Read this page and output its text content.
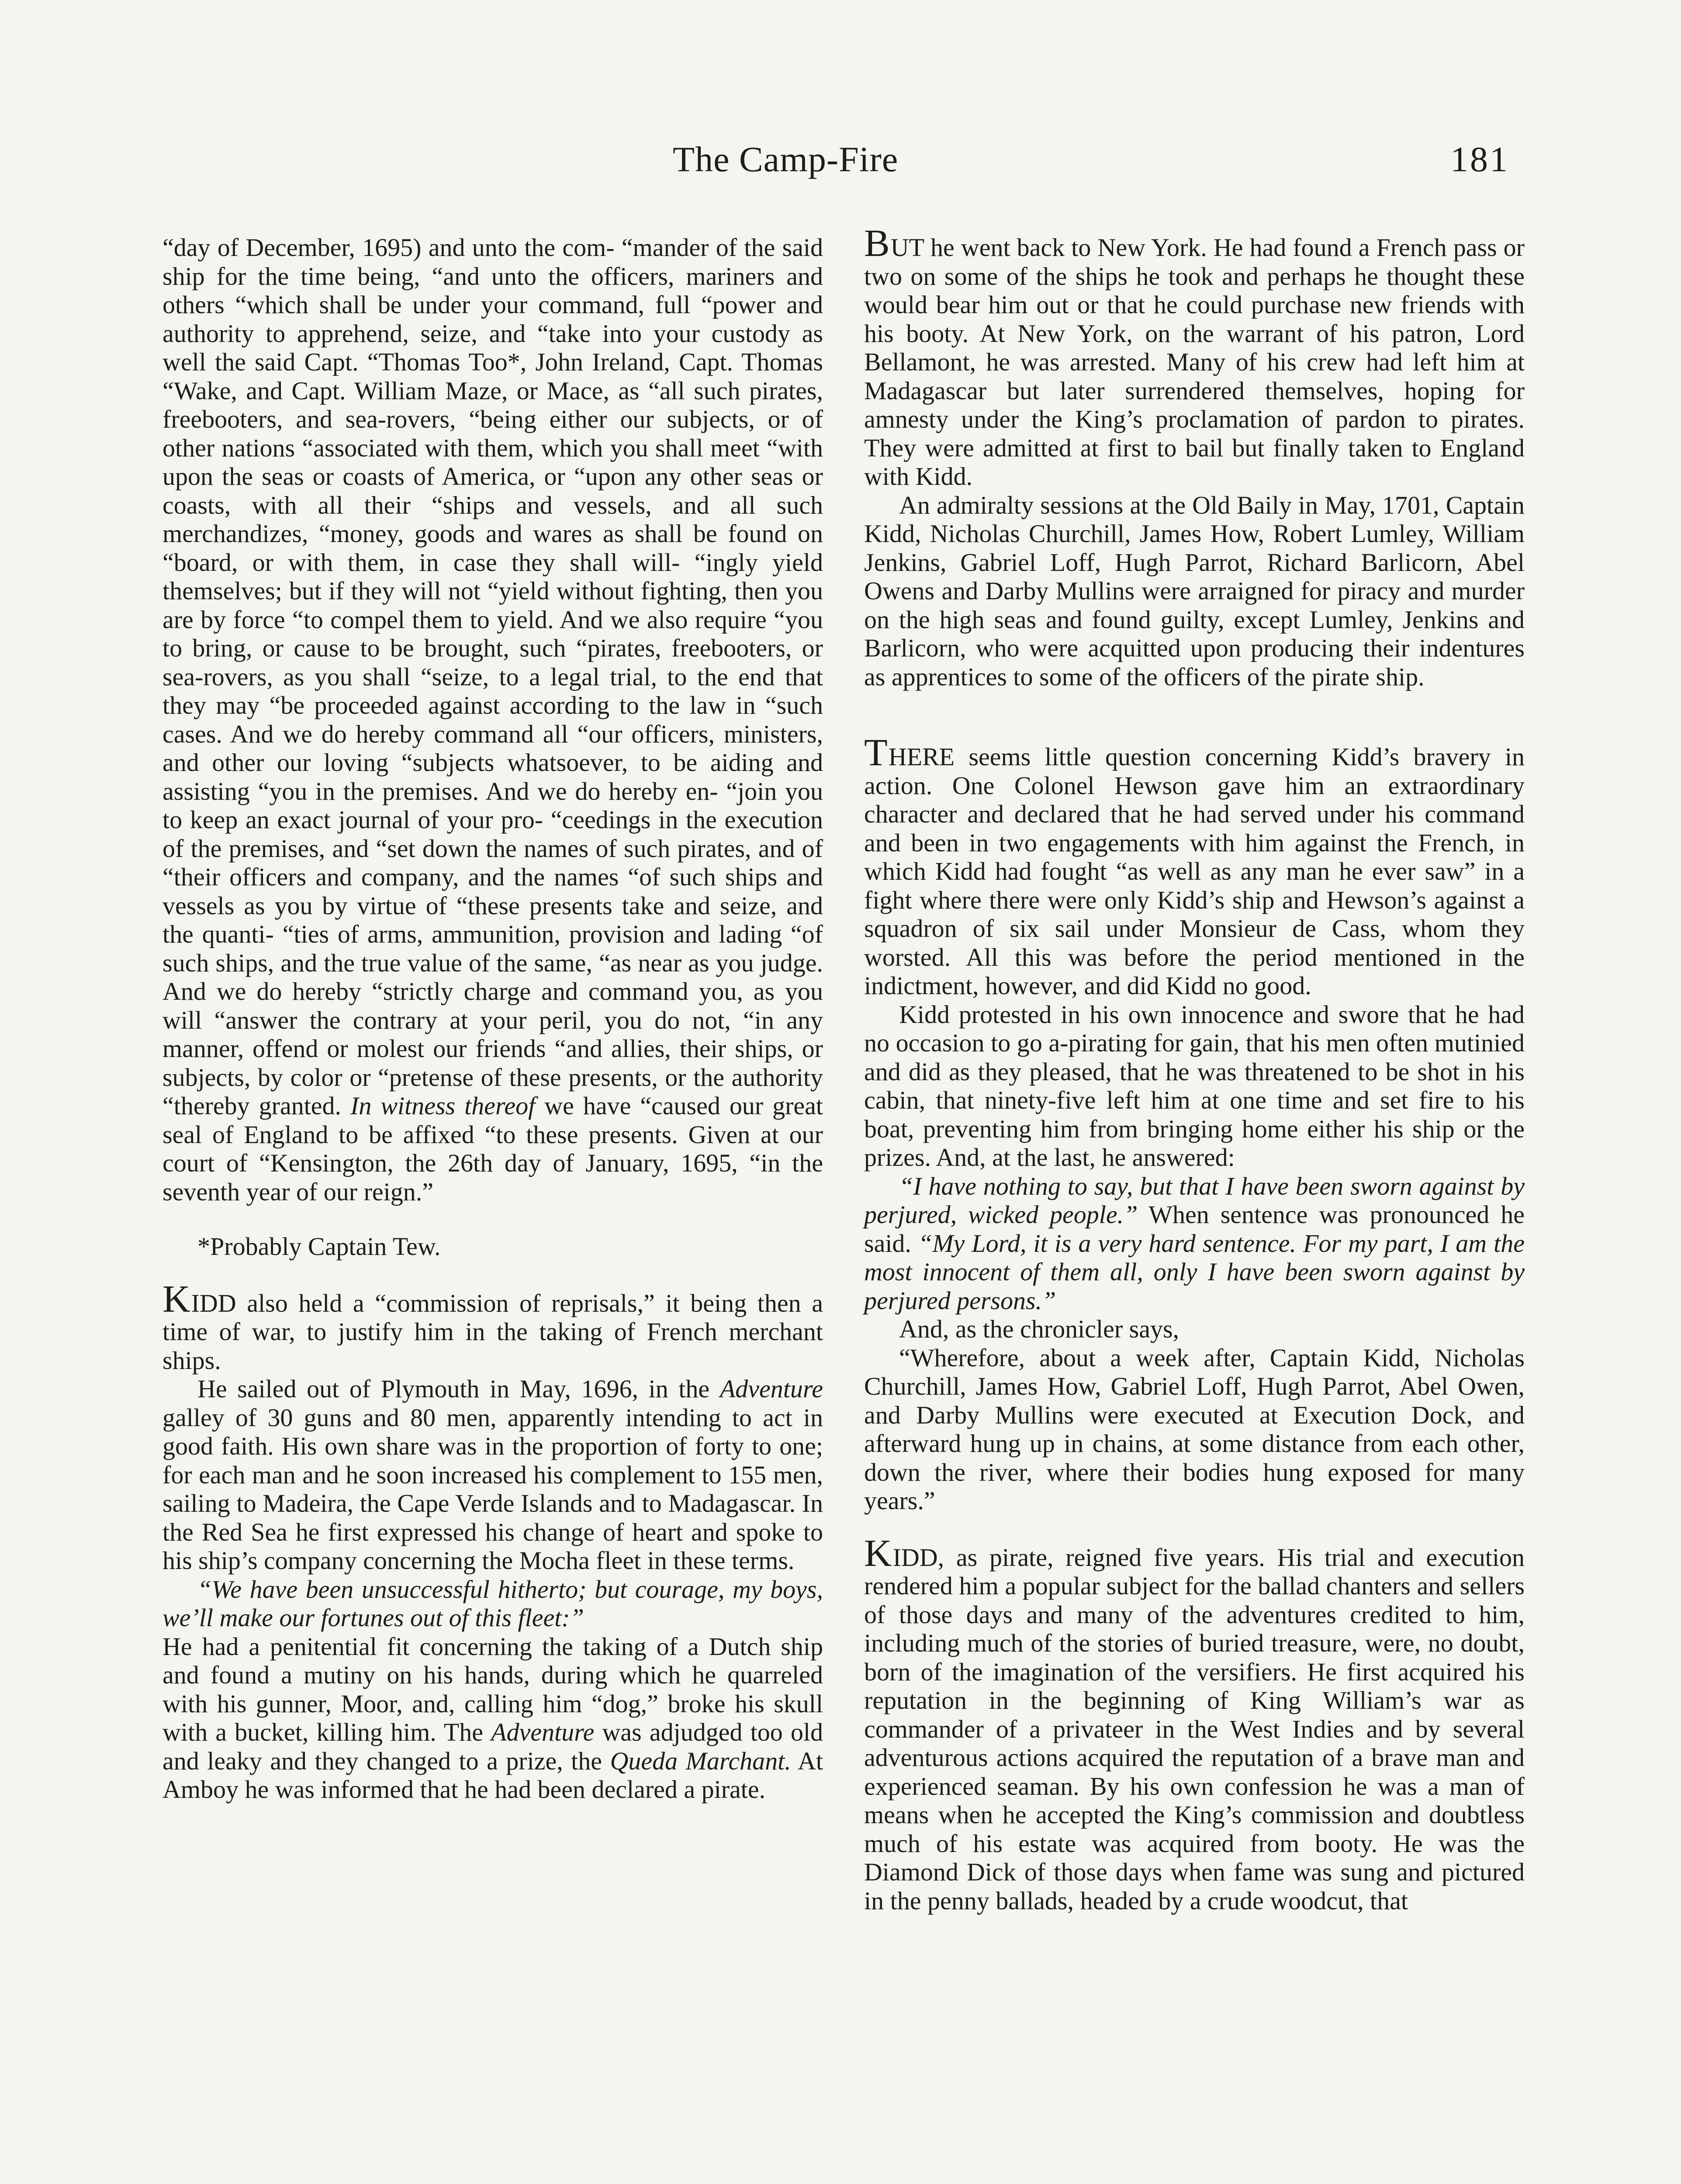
The Camp-Fire	181

“day of December, 1695) and unto the com- “mander of the said ship for the time being, “and unto the officers, mariners and others “which shall be under your command, full “power and authority to apprehend, seize, and “take into your custody as well the said Capt. “Thomas Too*, John Ireland, Capt. Thomas “Wake, and Capt. William Maze, or Mace, as “all such pirates, freebooters, and sea-rovers, “being either our subjects, or of other nations “associated with them, which you shall meet “with upon the seas or coasts of America, or “upon any other seas or coasts, with all their “ships and vessels, and all such merchandizes, “money, goods and wares as shall be found on “board, or with them, in case they shall will- “ingly yield themselves; but if they will not “yield without fighting, then you are by force “to compel them to yield. And we also require “you to bring, or cause to be brought, such “pirates, freebooters, or sea-rovers, as you shall “seize, to a legal trial, to the end that they may “be proceeded against according to the law in “such cases. And we do hereby command all “our officers, ministers, and other our loving “subjects whatsoever, to be aiding and assisting “you in the premises. And we do hereby en- “join you to keep an exact journal of your pro- “ceedings in the execution of the premises, and “set down the names of such pirates, and of “their officers and company, and the names “of such ships and vessels as you by virtue of “these presents take and seize, and the quanti- “ties of arms, ammunition, provision and lading “of such ships, and the true value of the same, “as near as you judge. And we do hereby “strictly charge and command you, as you will “answer the contrary at your peril, you do not, “in any manner, offend or molest our friends “and allies, their ships, or subjects, by color or “pretense of these presents, or the authority “thereby granted. In witness thereof we have “caused our great seal of England to be affixed “to these presents. Given at our court of “Kensington, the 26th day of January, 1695, “in the seventh year of our reign.”

*Probably Captain Tew.

KIDD also held a “commission of reprisals,” it being then a time of war, to justify him in the taking of French merchant ships.

He sailed out of Plymouth in May, 1696, in the Adventure galley of 30 guns and 80 men, apparently intending to act in good faith. His own share was in the proportion of forty to one; for each man and he soon increased his complement to 155 men, sailing to Madeira, the Cape Verde Islands and to Madagascar. In the Red Sea he first expressed his change of heart and spoke to his ship’s company concerning the Mocha fleet in these terms.

“We have been unsuccessful hitherto; but courage, my boys, we’ll make our fortunes out of this fleet:”

He had a penitential fit concerning the taking of a Dutch ship and found a mutiny on his hands, during which he quarreled with his gunner, Moor, and, calling him “dog,” broke his skull with a bucket, killing him. The Adventure was adjudged too old and leaky and they changed to a prize, the Queda Marchant. At Amboy he was informed that he had been declared a pirate.

BUT he went back to New York. He had found a French pass or two on some of the ships he took and perhaps he thought these would bear him out or that he could purchase new friends with his booty. At New York, on the warrant of his patron, Lord Bellamont, he was arrested. Many of his crew had left him at Madagascar but later surrendered themselves, hoping for amnesty under the King’s proclamation of pardon to pirates. They were admitted at first to bail but finally taken to England with Kidd.

An admiralty sessions at the Old Baily in May, 1701, Captain Kidd, Nicholas Churchill, James How, Robert Lumley, William Jenkins, Gabriel Loff, Hugh Parrot, Richard Barlicorn, Abel Owens and Darby Mullins were arraigned for piracy and murder on the high seas and found guilty, except Lumley, Jenkins and Barlicorn, who were acquitted upon producing their indentures as apprentices to some of the officers of the pirate ship.

THERE seems little question concerning Kidd’s bravery in action. One Colonel Hewson gave him an extraordinary character and declared that he had served under his command and been in two engagements with him against the French, in which Kidd had fought “as well as any man he ever saw” in a fight where there were only Kidd’s ship and Hewson’s against a squadron of six sail under Monsieur de Cass, whom they worsted. All this was before the period mentioned in the indictment, however, and did Kidd no good.

Kidd protested in his own innocence and swore that he had no occasion to go a-pirating for gain, that his men often mutinied and did as they pleased, that he was threatened to be shot in his cabin, that ninety-five left him at one time and set fire to his boat, preventing him from bringing home either his ship or the prizes. And, at the last, he answered:

“I have nothing to say, but that I have been sworn against by perjured, wicked people.” When sentence was pronounced he said. “My Lord, it is a very hard sentence. For my part, I am the most innocent of them all, only I have been sworn against by perjured persons.”

And, as the chronicler says,

“Wherefore, about a week after, Captain Kidd, Nicholas Churchill, James How, Gabriel Loff, Hugh Parrot, Abel Owen, and Darby Mullins were executed at Execution Dock, and afterward hung up in chains, at some distance from each other, down the river, where their bodies hung exposed for many years.”

KIDD, as pirate, reigned five years. His trial and execution rendered him a popular subject for the ballad chanters and sellers of those days and many of the adventures credited to him, including much of the stories of buried treasure, were, no doubt, born of the imagination of the versifiers. He first acquired his reputation in the beginning of King William’s war as commander of a privateer in the West Indies and by several adventurous actions acquired the reputation of a brave man and experienced seaman. By his own confession he was a man of means when he accepted the King’s commission and doubtless much of his estate was acquired from booty. He was the Diamond Dick of those days when fame was sung and pictured in the penny ballads, headed by a crude woodcut, that
